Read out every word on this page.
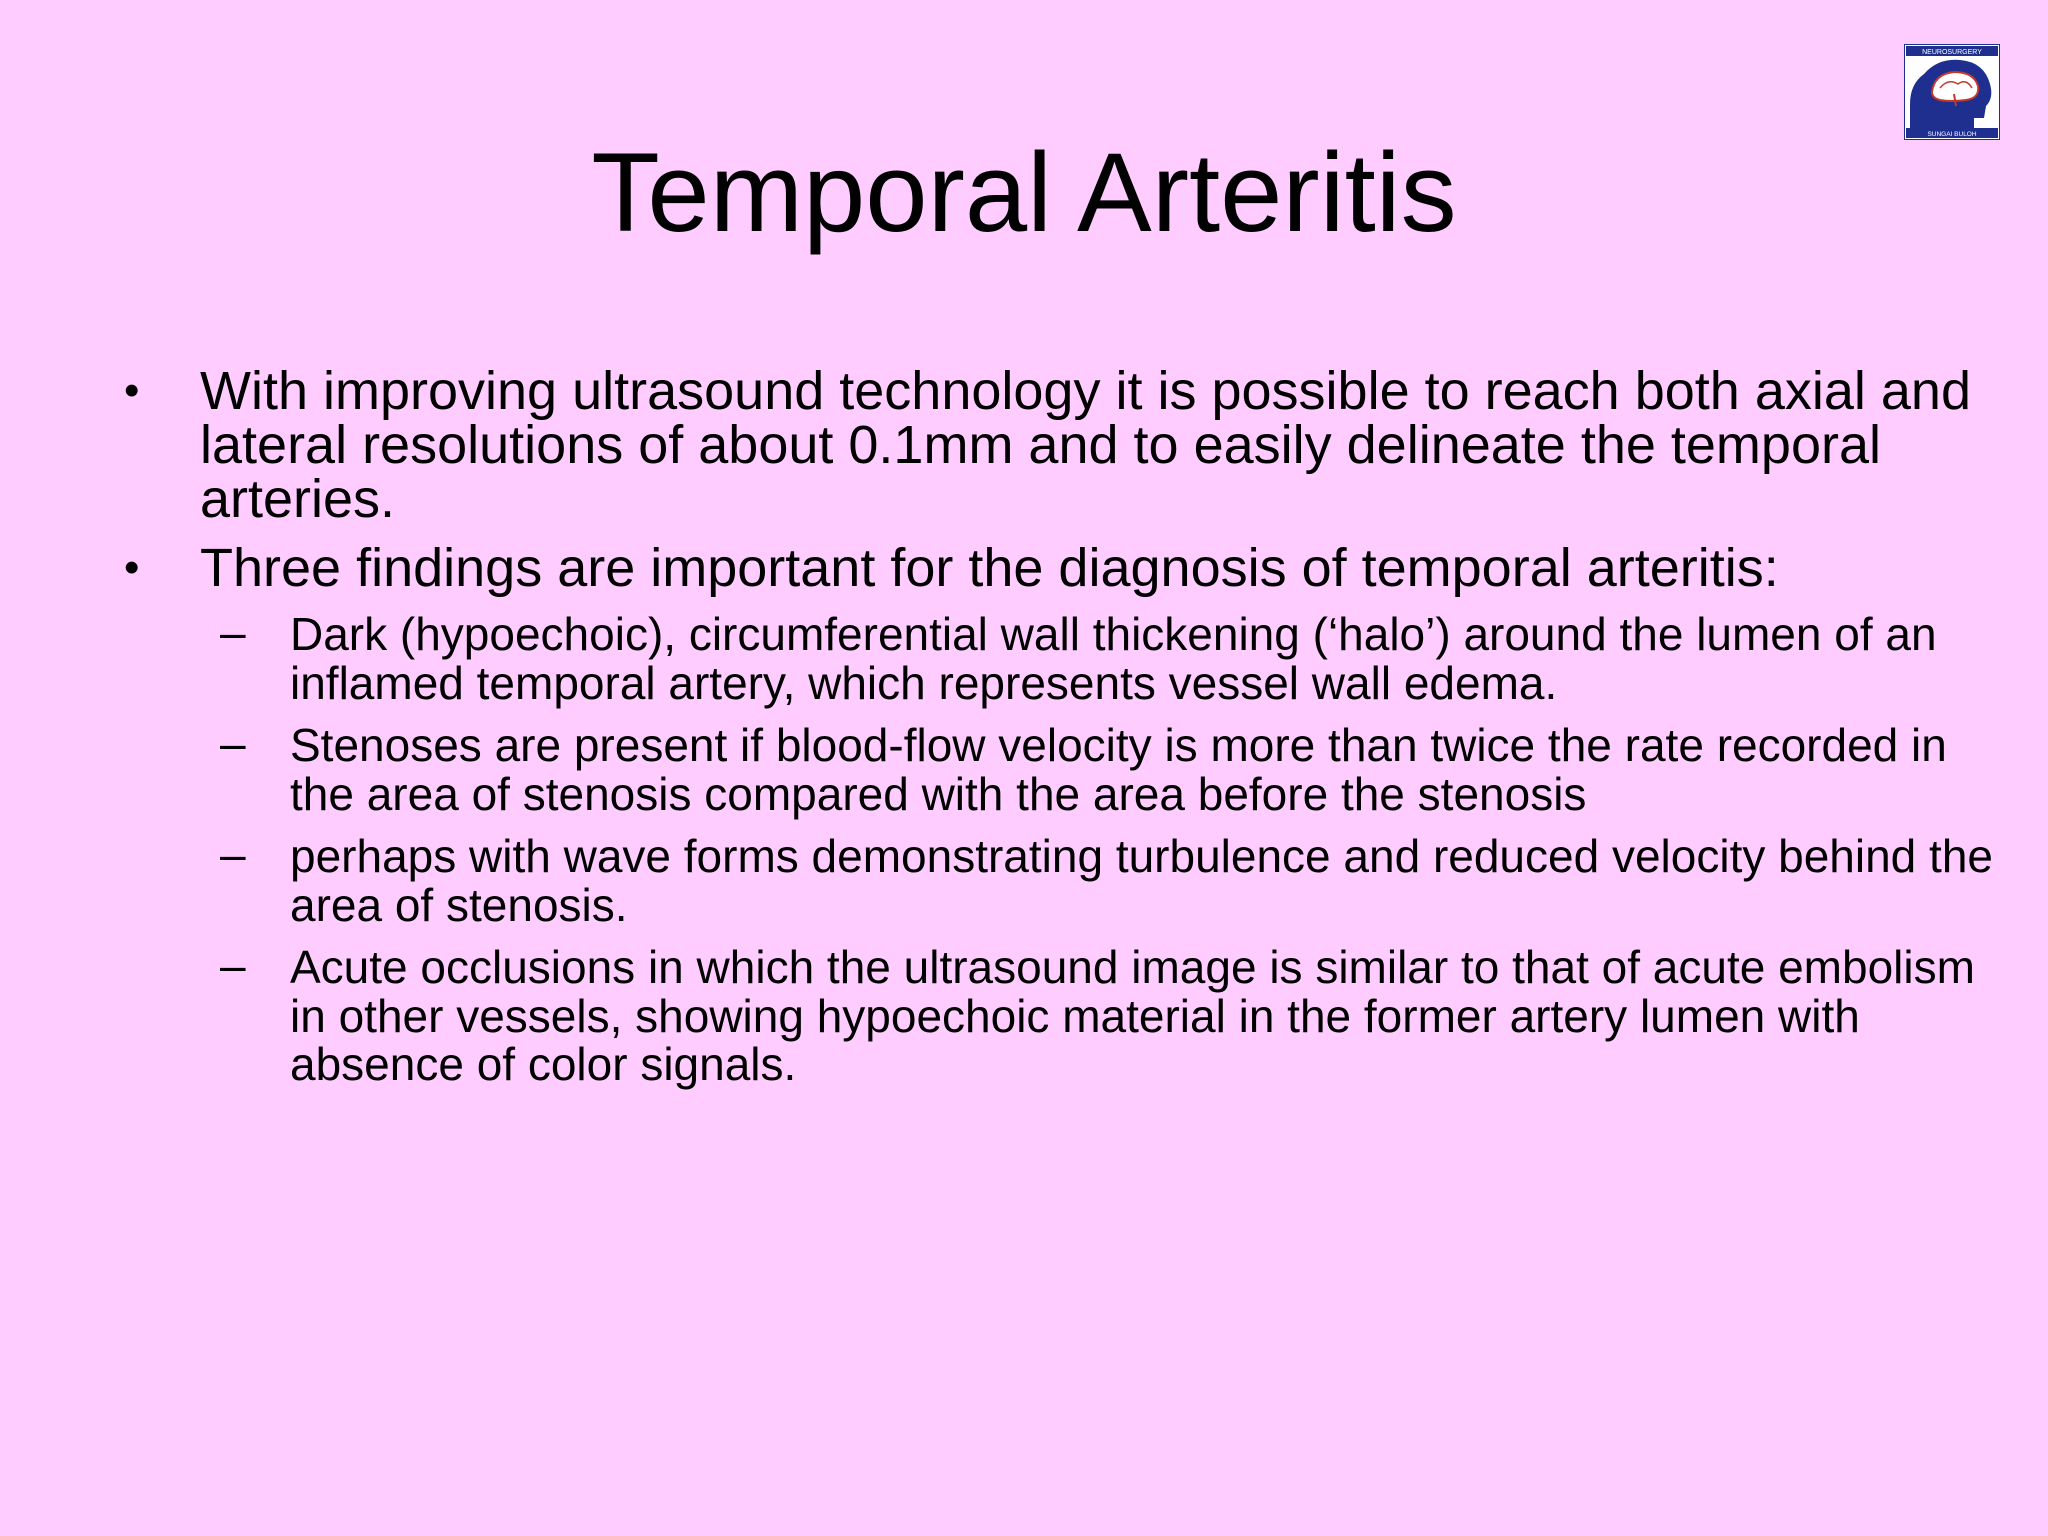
NEUROSURGERY
SUNGAI BULOH
Temporal Arteritis
• With improving ultrasound technology it is possible to reach both axial and lateral resolutions of about 0.1mm and to easily delineate the temporal arteries.
• Three findings are important for the diagnosis of temporal arteritis:
– Dark (hypoechoic), circumferential wall thickening (‘halo’) around the lumen of an inflamed temporal artery, which represents vessel wall edema.
– Stenoses are present if blood-flow velocity is more than twice the rate recorded in the area of stenosis compared with the area before the stenosis
– perhaps with wave forms demonstrating turbulence and reduced velocity behind the area of stenosis.
– Acute occlusions in which the ultrasound image is similar to that of acute embolism in other vessels, showing hypoechoic material in the former artery lumen with absence of color signals.
